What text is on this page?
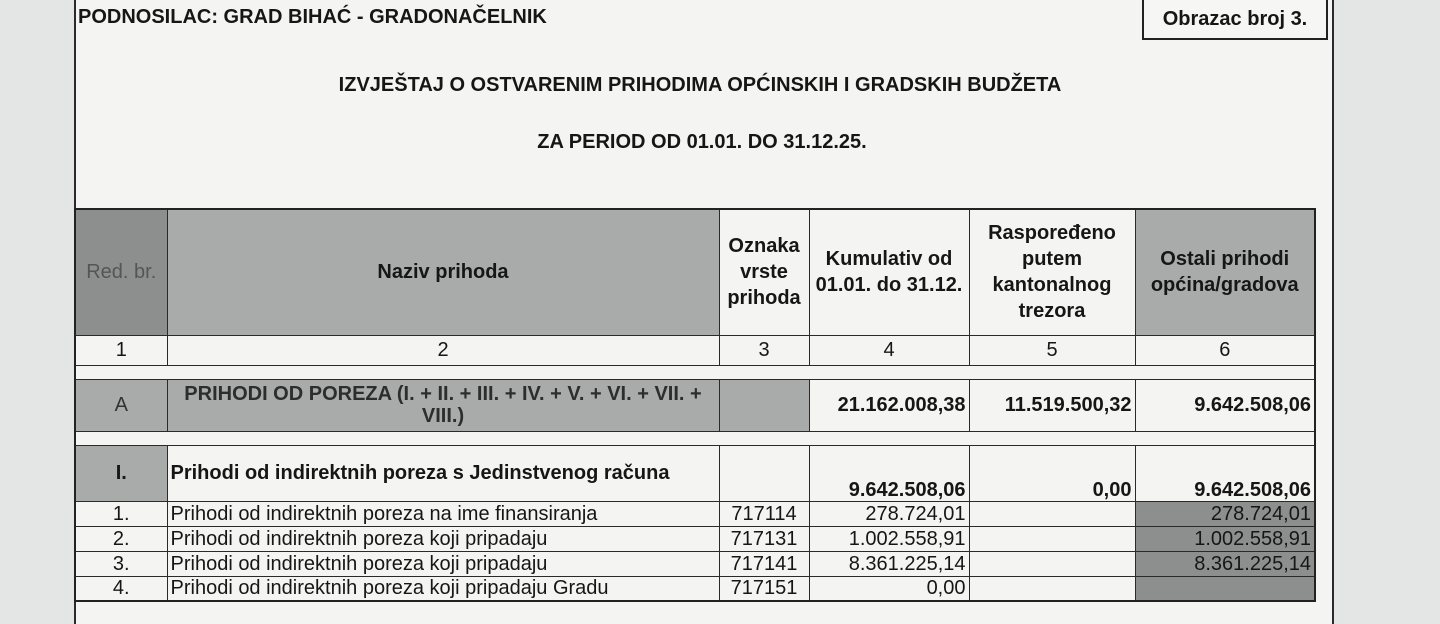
PODNOSILAC: GRAD BIHAĆ - GRADONAČELNIK	Obrazac broj 3.
IZVJEŠTAJ O OSTVARENIM PRIHODIMA OPĆINSKIH I GRADSKIH BUDŽETA
ZA PERIOD OD 01.01. DO 31.12.25.
Red. br.	Naziv prihoda	Oznaka vrste prihoda	Kumulativ od 01.01. do 31.12.	Raspoređeno putem kantonalnog trezora	Ostali prihodi općina/gradova
1	2	3	4	5	6

A	PRIHODI OD POREZA (I. + II. + III. + IV. + V. + VI. + VII. + VIII.)		21.162.008,38	11.519.500,32	9.642.508,06

I.	Prihodi od indirektnih poreza s Jedinstvenog računa		9.642.508,06	0,00	9.642.508,06
1.	Prihodi od indirektnih poreza na ime finansiranja	717114	278.724,01		278.724,01
2.	Prihodi od indirektnih poreza koji pripadaju	717131	1.002.558,91		1.002.558,91
3.	Prihodi od indirektnih poreza koji pripadaju	717141	8.361.225,14		8.361.225,14
4.	Prihodi od indirektnih poreza koji pripadaju Gradu	717151	0,00		
